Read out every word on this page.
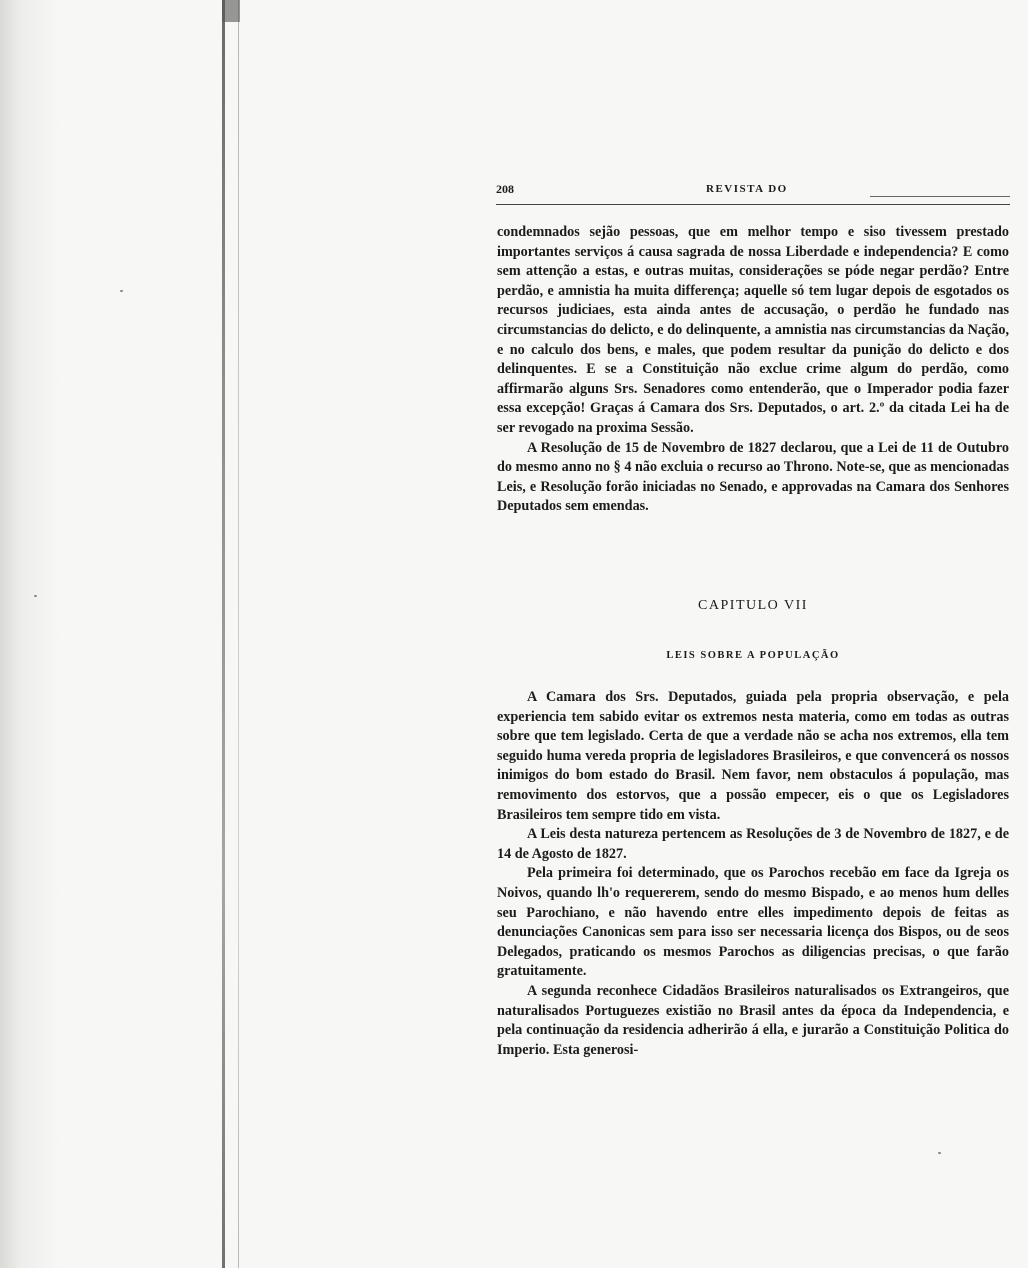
208	REVISTA DO

condemnados sejão pessoas, que em melhor tempo e siso tivessem prestado importantes serviços á causa sagrada de nossa Liberdade e independencia? E como sem attenção a estas, e outras muitas, considerações se póde negar perdão? Entre perdão, e amnistia ha muita differença; aquelle só tem lugar depois de esgotados os recursos judiciaes, esta ainda antes de accusação, o perdão he fundado nas circumstancias do delicto, e do delinquente, a amnistia nas circumstancias da Nação, e no calculo dos bens, e males, que podem resultar da punição do delicto e dos delinquentes. E se a Constituição não exclue crime algum do perdão, como affirmarão alguns Srs. Senadores como entenderão, que o Imperador podia fazer essa excepção! Graças á Camara dos Srs. Deputados, o art. 2.º da citada Lei ha de ser revogado na proxima Sessão.

A Resolução de 15 de Novembro de 1827 declarou, que a Lei de 11 de Outubro do mesmo anno no § 4 não excluia o recurso ao Throno. Note-se, que as mencionadas Leis, e Resolução forão iniciadas no Senado, e approvadas na Camara dos Senhores Deputados sem emendas.

CAPITULO VII
LEIS SOBRE A POPULAÇÃO

A Camara dos Srs. Deputados, guiada pela propria observação, e pela experiencia tem sabido evitar os extremos nesta materia, como em todas as outras sobre que tem legislado. Certa de que a verdade não se acha nos extremos, ella tem seguido huma vereda propria de legisladores Brasileiros, e que convencerá os nossos inimigos do bom estado do Brasil. Nem favor, nem obstaculos á população, mas removimento dos estorvos, que a possão empecer, eis o que os Legisladores Brasileiros tem sempre tido em vista.

A Leis desta natureza pertencem as Resoluções de 3 de Novembro de 1827, e de 14 de Agosto de 1827.

Pela primeira foi determinado, que os Parochos recebão em face da Igreja os Noivos, quando lh'o requererem, sendo do mesmo Bispado, e ao menos hum delles seu Parochiano, e não havendo entre elles impedimento depois de feitas as denunciações Canonicas sem para isso ser necessaria licença dos Bispos, ou de seos Delegados, praticando os mesmos Parochos as diligencias precisas, o que farão gratuitamente.

A segunda reconhece Cidadãos Brasileiros naturalisados os Extrangeiros, que naturalisados Portuguezes existião no Brasil antes da época da Independencia, e pela continuação da residencia adherirão á ella, e jurarão a Constituição Politica do Imperio. Esta generosi-
